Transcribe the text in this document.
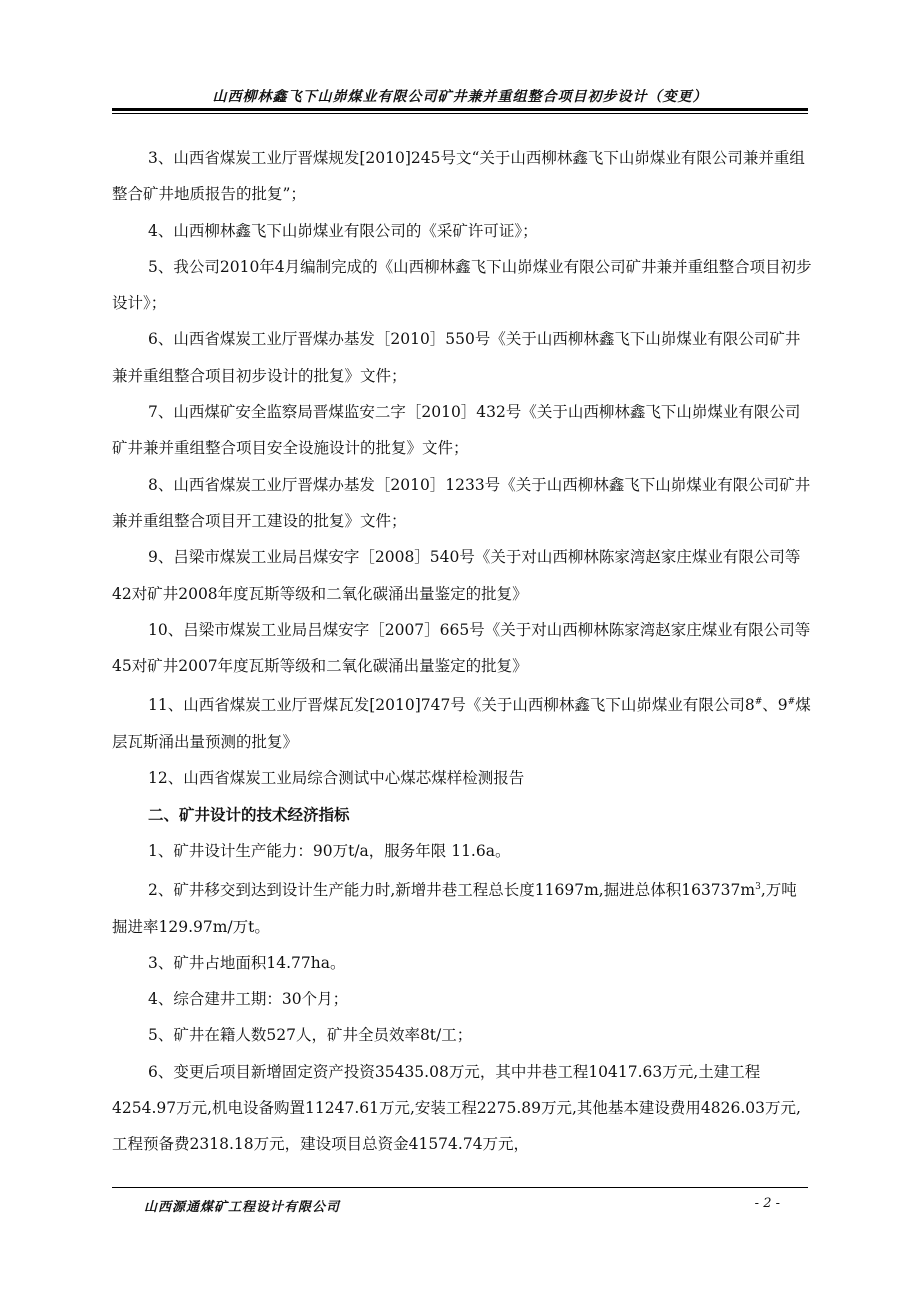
山西柳林鑫飞下山峁煤业有限公司矿井兼并重组整合项目初步设计（变更）

3、山西省煤炭工业厅晋煤规发[2010]245号文“关于山西柳林鑫飞下山峁煤业有限公司兼并重组整合矿井地质报告的批复”；

4、山西柳林鑫飞下山峁煤业有限公司的《采矿许可证》；

5、我公司2010年4月编制完成的《山西柳林鑫飞下山峁煤业有限公司矿井兼并重组整合项目初步设计》；

6、山西省煤炭工业厅晋煤办基发［2010］550号《关于山西柳林鑫飞下山峁煤业有限公司矿井兼并重组整合项目初步设计的批复》文件；

7、山西煤矿安全监察局晋煤监安二字［2010］432号《关于山西柳林鑫飞下山峁煤业有限公司矿井兼并重组整合项目安全设施设计的批复》文件；

8、山西省煤炭工业厅晋煤办基发［2010］1233号《关于山西柳林鑫飞下山峁煤业有限公司矿井兼并重组整合项目开工建设的批复》文件；

9、吕梁市煤炭工业局吕煤安字［2008］540号《关于对山西柳林陈家湾赵家庄煤业有限公司等42对矿井2008年度瓦斯等级和二氧化碳涌出量鉴定的批复》

10、吕梁市煤炭工业局吕煤安字［2007］665号《关于对山西柳林陈家湾赵家庄煤业有限公司等45对矿井2007年度瓦斯等级和二氧化碳涌出量鉴定的批复》

11、山西省煤炭工业厅晋煤瓦发[2010]747号《关于山西柳林鑫飞下山峁煤业有限公司8#、9#煤层瓦斯涌出量预测的批复》

12、山西省煤炭工业局综合测试中心煤芯煤样检测报告

二、矿井设计的技术经济指标

1、矿井设计生产能力：90万t/a，服务年限 11.6a。

2、矿井移交到达到设计生产能力时,新增井巷工程总长度11697m,掘进总体积$163737m^3$,万吨掘进率129.97m/万t。

3、矿井占地面积14.77ha。

4、综合建井工期：30个月；

5、矿井在籍人数527人，矿井全员效率8t/工；

6、变更后项目新增固定资产投资35435.08万元，其中井巷工程10417.63万元,土建工程4254.97万元,机电设备购置11247.61万元,安装工程2275.89万元,其他基本建设费用4826.03万元,工程预备费2318.18万元，建设项目总资金41574.74万元，

山西源通煤矿工程设计有限公司	- 2 -
